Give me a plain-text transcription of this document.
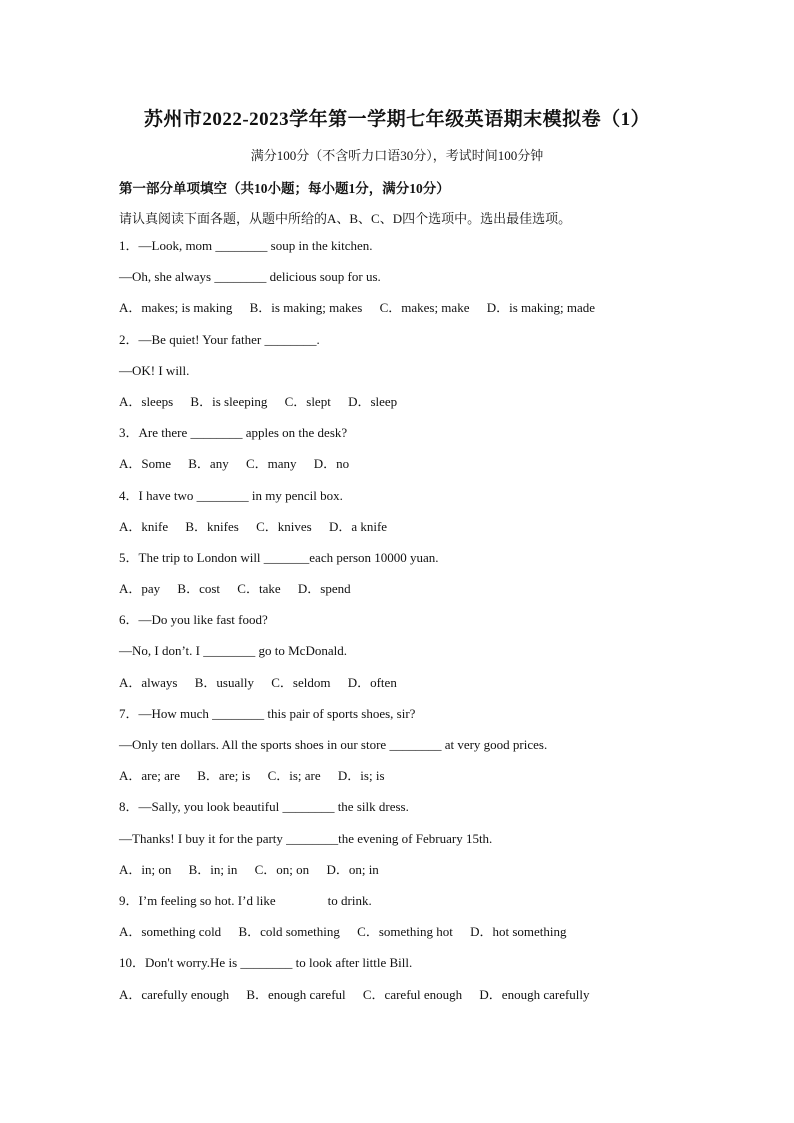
苏州市2022-2023学年第一学期七年级英语期末模拟卷（1）
满分100分（不含听力口语30分），考试时间100分钟
第一部分单项填空（共10小题；每小题1分，满分10分）
请认真阅读下面各题，从题中所给的A、B、C、D四个选项中。选出最佳选项。
1．—Look, mom ________ soup in the kitchen.
—Oh, she always ________ delicious soup for us.
A．makes; is making B．is making; makes C．makes; make D．is making; made
2．—Be quiet! Your father ________.
—OK! I will.
A．sleeps B．is sleeping C．slept D．sleep
3．Are there ________ apples on the desk?
A．Some B．any C．many D．no
4．I have two ________ in my pencil box.
A．knife B．knifes C．knives D．a knife
5．The trip to London will _______each person 10000 yuan.
A．pay B．cost C．take D．spend
6．—Do you like fast food?
—No, I don’t. I ________ go to McDonald.
A．always B．usually C．seldom D．often
7．—How much ________ this pair of sports shoes, sir?
—Only ten dollars. All the sports shoes in our store ________ at very good prices.
A．are; are B．are; is C．is; are D．is; is
8．—Sally, you look beautiful ________ the silk dress.
—Thanks! I buy it for the party ________the evening of February 15th.
A．in; on B．in; in C．on; on D．on; in
9．I’m feeling so hot. I’d like                to drink.
A．something cold B．cold something C．something hot D．hot something
10．Don't worry.He is ________ to look after little Bill.
A．carefully enough B．enough careful C．careful enough D．enough carefully
